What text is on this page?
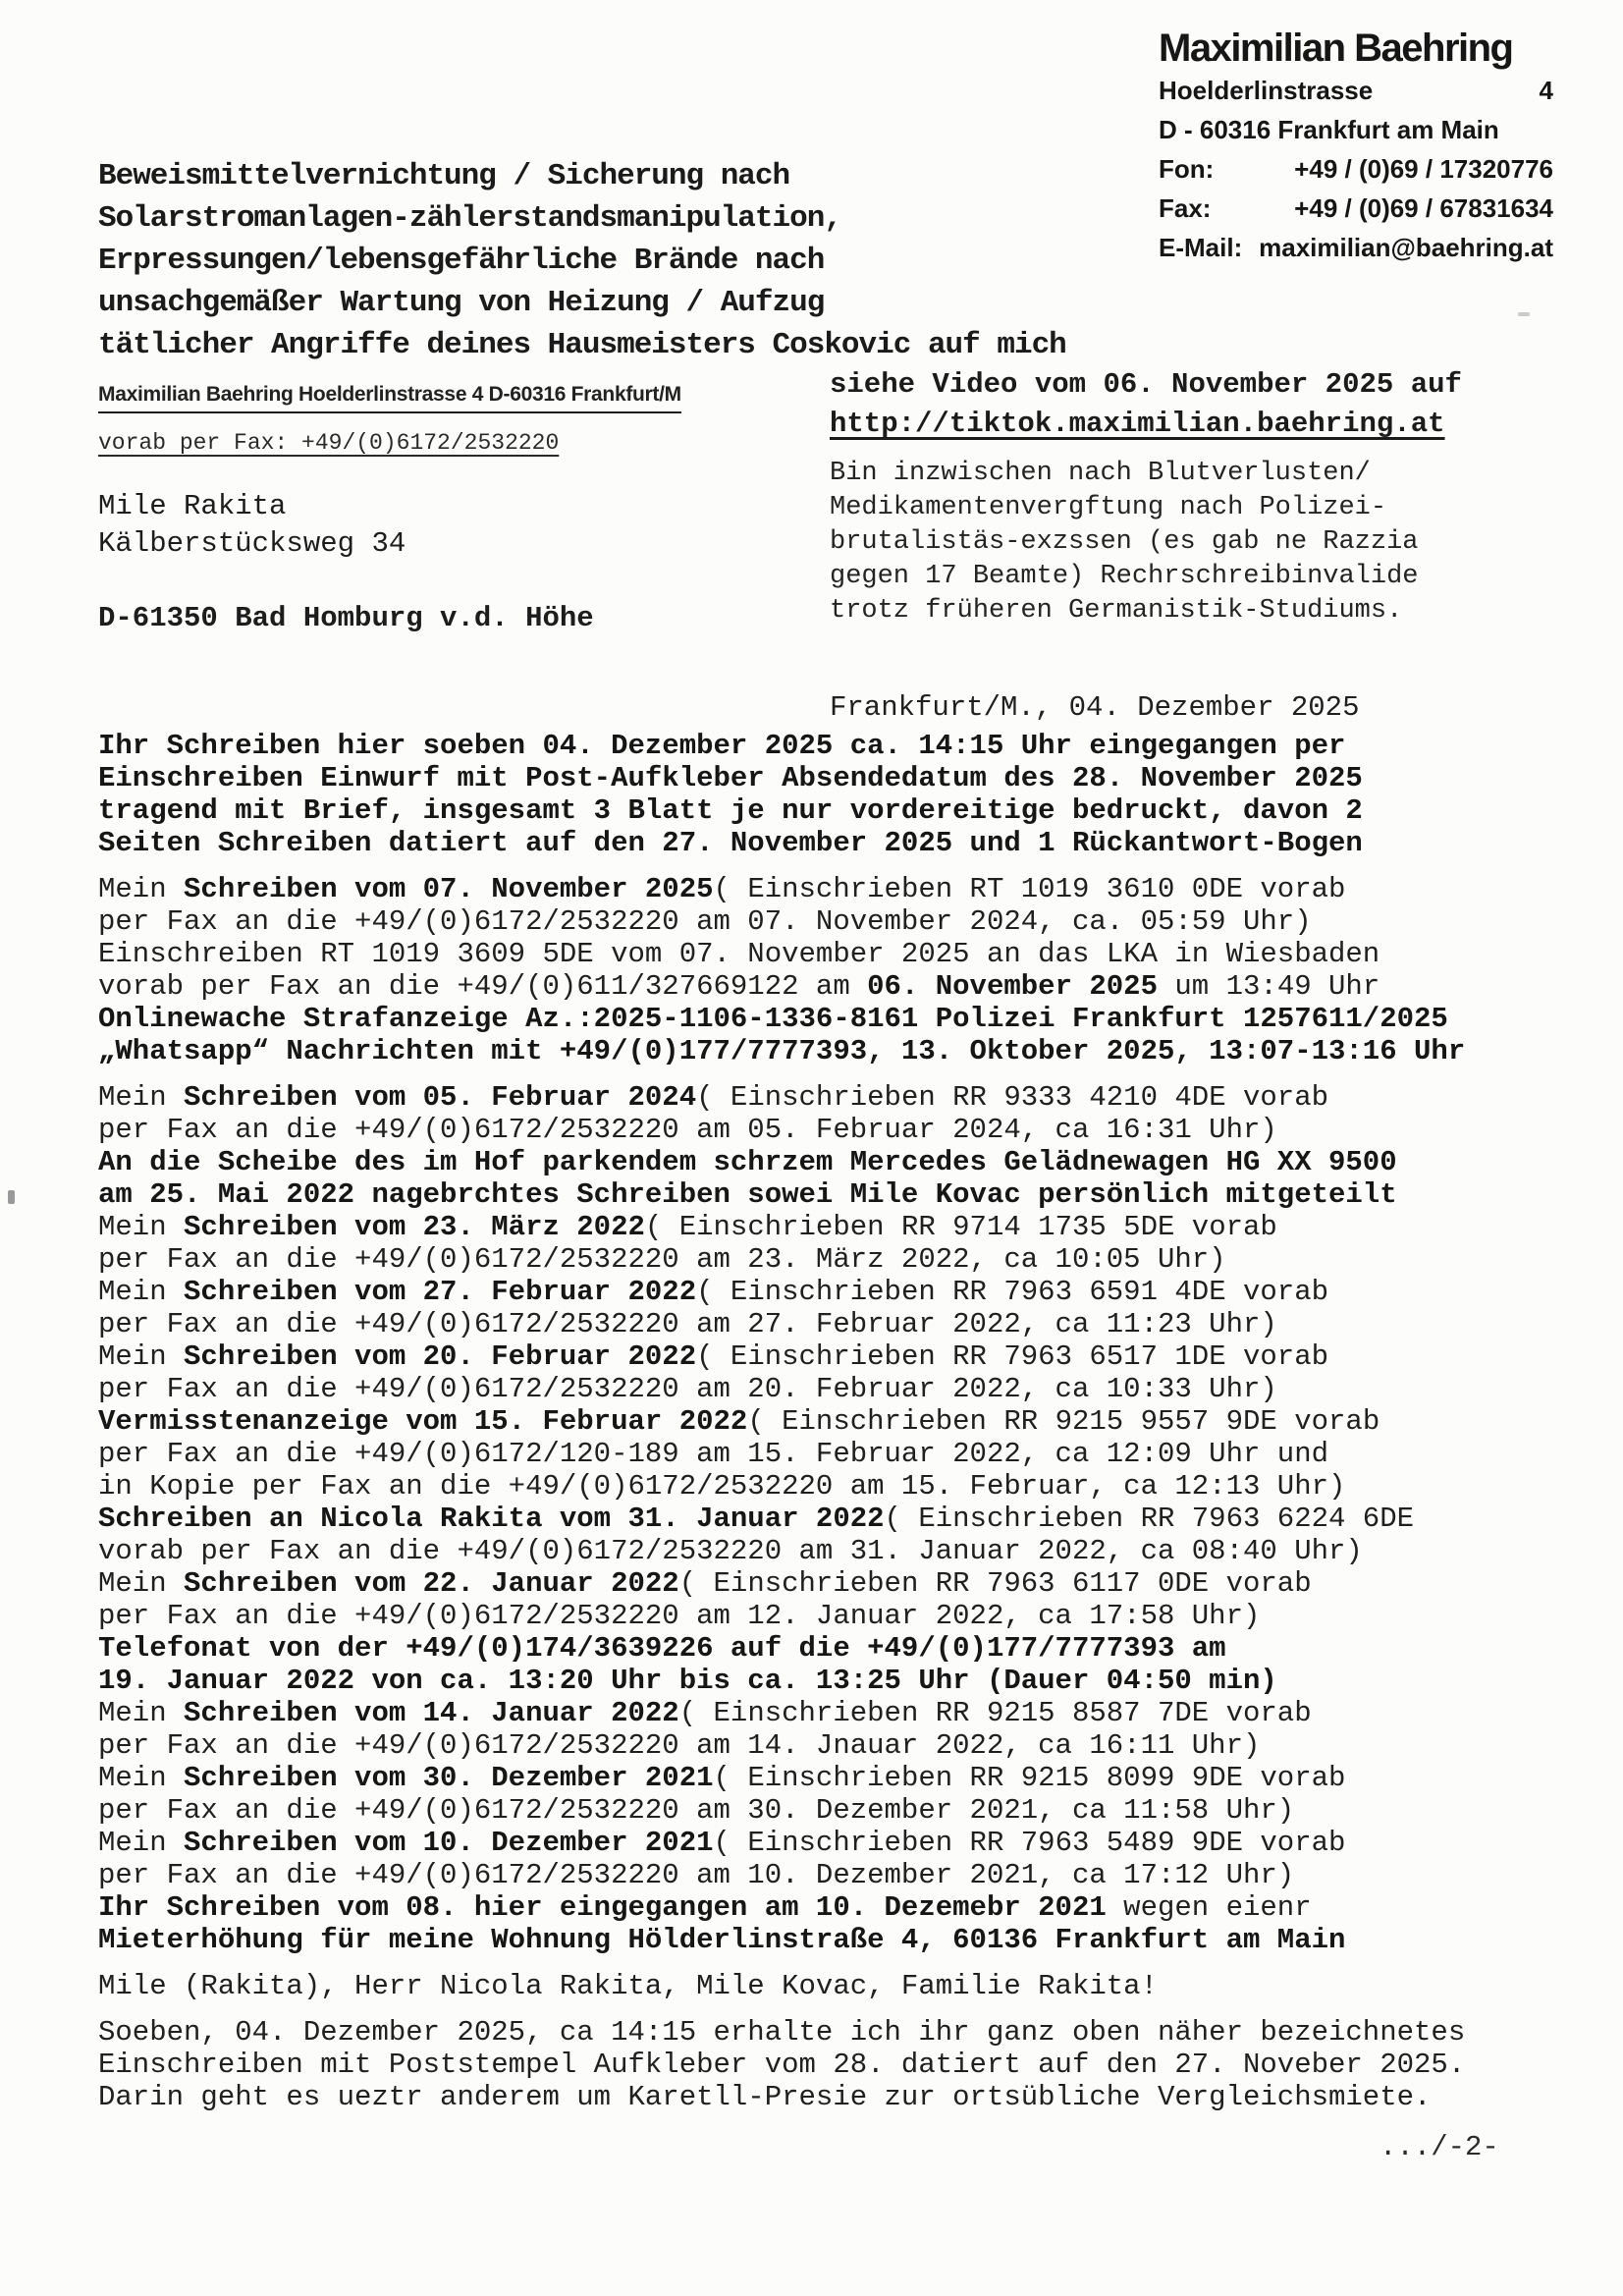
Maximilian Baehring
Hoelderlinstrasse	4
D - 60316 Frankfurt am Main
Fon:	+49 / (0)69 / 17320776
Fax:	+49 / (0)69 / 67831634
E-Mail: maximilian@baehring.at
Beweismittelvernichtung / Sicherung nach
Solarstromanlagen-zählerstandsmanipulation,
Erpressungen/lebensgefährliche Brände nach
unsachgemäßer Wartung von Heizung / Aufzug
tätlicher Angriffe deines Hausmeisters Coskovic auf mich
Maximilian Baehring Hoelderlinstrasse 4 D-60316 Frankfurt/M
vorab per Fax: +49/(0)6172/2532220
siehe Video vom 06. November 2025 auf
http://tiktok.maximilian.baehring.at
Mile Rakita
Kälberstücksweg 34
D-61350 Bad Homburg v.d. Höhe
Bin inzwischen nach Blutverlusten/
Medikamentenvergftung nach Polizei-
brutalistäs-exzssen (es gab ne Razzia
gegen 17 Beamte) Rechrschreibinvalide
trotz früheren Germanistik-Studiums.
Frankfurt/M., 04. Dezember 2025
Ihr Schreiben hier soeben 04. Dezember 2025 ca. 14:15 Uhr eingegangen per
Einschreiben Einwurf mit Post-Aufkleber Absendedatum des 28. November 2025
tragend mit Brief, insgesamt 3 Blatt je nur vordereitige bedruckt, davon 2
Seiten Schreiben datiert auf den 27. November 2025 und 1 Rückantwort-Bogen
Mein Schreiben vom 07. November 2025( Einschrieben RT 1019 3610 0DE vorab
per Fax an die +49/(0)6172/2532220 am 07. November 2024, ca. 05:59 Uhr)
Einschreiben RT 1019 3609 5DE vom 07. November 2025 an das LKA in Wiesbaden
vorab per Fax an die +49/(0)611/327669122 am 06. November 2025 um 13:49 Uhr
Onlinewache Strafanzeige Az.:2025-1106-1336-8161 Polizei Frankfurt 1257611/2025
„Whatsapp“ Nachrichten mit +49/(0)177/7777393, 13. Oktober 2025, 13:07-13:16 Uhr
Mein Schreiben vom 05. Februar 2024( Einschrieben RR 9333 4210 4DE vorab
per Fax an die +49/(0)6172/2532220 am 05. Februar 2024, ca 16:31 Uhr)
An die Scheibe des im Hof parkendem schrzem Mercedes Gelädnewagen HG XX 9500
am 25. Mai 2022 nagebrchtes Schreiben sowei Mile Kovac persönlich mitgeteilt
Mein Schreiben vom 23. März 2022( Einschrieben RR 9714 1735 5DE vorab
per Fax an die +49/(0)6172/2532220 am 23. März 2022, ca 10:05 Uhr)
Mein Schreiben vom 27. Februar 2022( Einschrieben RR 7963 6591 4DE vorab
per Fax an die +49/(0)6172/2532220 am 27. Februar 2022, ca 11:23 Uhr)
Mein Schreiben vom 20. Februar 2022( Einschrieben RR 7963 6517 1DE vorab
per Fax an die +49/(0)6172/2532220 am 20. Februar 2022, ca 10:33 Uhr)
Vermisstenanzeige vom 15. Februar 2022( Einschrieben RR 9215 9557 9DE vorab
per Fax an die +49/(0)6172/120-189 am 15. Februar 2022, ca 12:09 Uhr und
in Kopie per Fax an die +49/(0)6172/2532220 am 15. Februar, ca 12:13 Uhr)
Schreiben an Nicola Rakita vom 31. Januar 2022( Einschrieben RR 7963 6224 6DE
vorab per Fax an die +49/(0)6172/2532220 am 31. Januar 2022, ca 08:40 Uhr)
Mein Schreiben vom 22. Januar 2022( Einschrieben RR 7963 6117 0DE vorab
per Fax an die +49/(0)6172/2532220 am 12. Januar 2022, ca 17:58 Uhr)
Telefonat von der +49/(0)174/3639226 auf die +49/(0)177/7777393 am
19. Januar 2022 von ca. 13:20 Uhr bis ca. 13:25 Uhr (Dauer 04:50 min)
Mein Schreiben vom 14. Januar 2022( Einschrieben RR 9215 8587 7DE vorab
per Fax an die +49/(0)6172/2532220 am 14. Jnauar 2022, ca 16:11 Uhr)
Mein Schreiben vom 30. Dezember 2021( Einschrieben RR 9215 8099 9DE vorab
per Fax an die +49/(0)6172/2532220 am 30. Dezember 2021, ca 11:58 Uhr)
Mein Schreiben vom 10. Dezember 2021( Einschrieben RR 7963 5489 9DE vorab
per Fax an die +49/(0)6172/2532220 am 10. Dezember 2021, ca 17:12 Uhr)
Ihr Schreiben vom 08. hier eingegangen am 10. Dezemebr 2021 wegen eienr
Mieterhöhung für meine Wohnung Hölderlinstraße 4, 60136 Frankfurt am Main
Mile (Rakita), Herr Nicola Rakita, Mile Kovac, Familie Rakita!
Soeben, 04. Dezember 2025, ca 14:15 erhalte ich ihr ganz oben näher bezeichnetes
Einschreiben mit Poststempel Aufkleber vom 28. datiert auf den 27. Noveber 2025.
Darin geht es ueztr anderem um Karetll-Presie zur ortsübliche Vergleichsmiete.
.../-2-
